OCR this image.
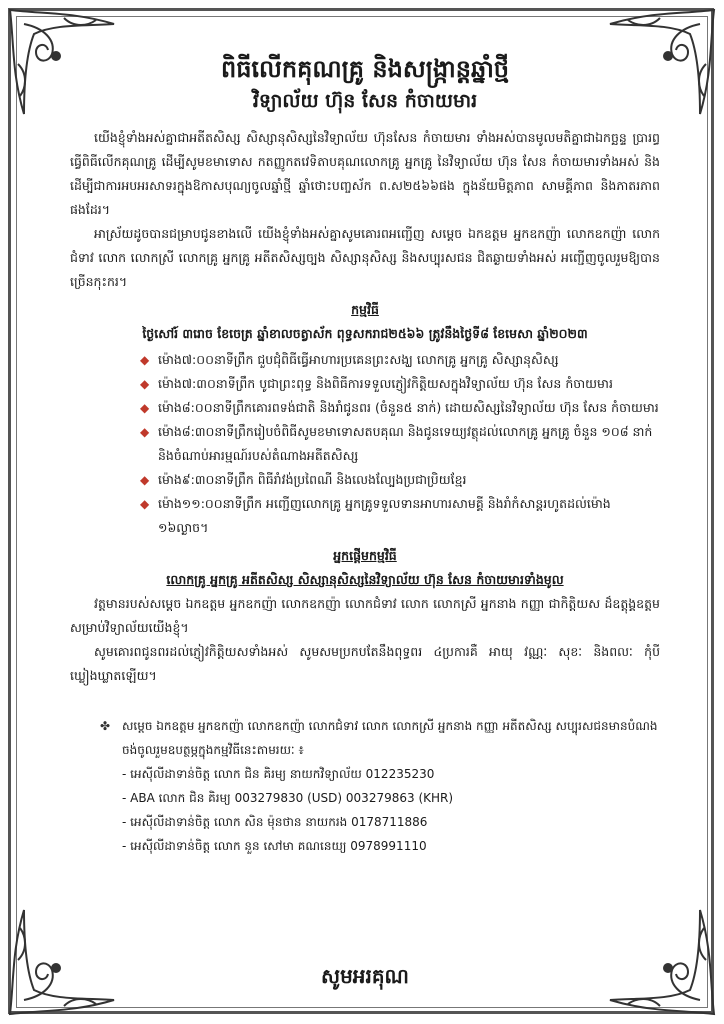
ពិធីលើកគុណគ្រូ និងសង្ក្រាន្តឆ្នាំថ្មី
វិទ្យាល័យ ហ៊ុន សែន កំចាយមារ

យើងខ្ញុំទាំងអស់គ្នាជាអតីតសិស្ស សិស្សានុសិស្សនៃវិទ្យាល័យ ហ៊ុនសែន កំចាយមារ ទាំងអស់បានមូលមតិគ្នាជាឯកច្ឆន្ទ ប្រារព្ធធ្វើពិធីលើកគុណគ្រូ ដើម្បីសូមខមាទោស កតញ្ញូកតវេទិតាបគុណលោកគ្រូ អ្នកគ្រូ នៃវិទ្យាល័យ ហ៊ុន សែន កំចាយមារទាំងអស់ និងដើម្បីជាការអបអរសាទរក្នុងឱកាសបុណ្យចូលឆ្នាំថ្មី ឆ្នាំថោះបញ្ចស័ក ព.ស២៥៦៦ផង ក្នុងន័យមិត្តភាព សាមគ្គីភាព និងភាតរភាពផងដែរ។

អាស្រ័យដូចបានជម្រាបជូនខាងលើ យើងខ្ញុំទាំងអស់គ្នាសូមគោរពអញ្ជើញ សម្ដេច ឯកឧត្តម អ្នកឧកញ៉ា លោកឧកញ៉ា លោកជំទាវ លោក លោកស្រី លោកគ្រូ អ្នកគ្រូ អតីតសិស្សច្បង សិស្សានុសិស្ស និងសប្បុរសជន ជិតឆ្ងាយទាំងអស់ អញ្ជើញចូលរួមឱ្យបានច្រើនកុះករ។

កម្មវិធី

ថ្ងៃសៅរ៍ ៣រោច ខែចេត្រ ឆ្នាំខាលចត្វាស័ក ពុទ្ធសករាជ២៥៦៦ ត្រូវនឹងថ្ងៃទី៨ ខែមេសា ឆ្នាំ២០២៣

◆ ម៉ោង៧:០០នាទីព្រឹក ជួបជុំពិធីធ្វើអាហារប្រគេនព្រះសង្ឃ លោកគ្រូ អ្នកគ្រូ សិស្សានុសិស្ស
◆ ម៉ោង៧:៣០នាទីព្រឹក បូជាព្រះពុទ្ធ និងពិធីការទទួលភ្ញៀវកិត្តិយសក្នុងវិទ្យាល័យ ហ៊ុន សែន កំចាយមារ
◆ ម៉ោង៨:០០នាទីព្រឹកគោរពទង់ជាតិ និងរាំជូនពរ (ចំនួន៥ នាក់) ដោយសិស្សនៃវិទ្យាល័យ ហ៊ុន សែន កំចាយមារ
◆ ម៉ោង៨:៣០នាទីព្រឹករៀបចំពិធីសូមខមាទោសតបគុណ និងជូនទេយ្យវត្ថុដល់លោកគ្រូ អ្នកគ្រូ ចំនួន ១០៨ នាក់ និងចំណាប់អារម្មណ៍របស់តំណាងអតីតសិស្ស
◆ ម៉ោង៩:៣០នាទីព្រឹក ពិធីរាំវង់ប្រពៃណី និងលេងល្បែងប្រជាប្រិយខ្មែរ
◆ ម៉ោង១១:០០នាទីព្រឹក អញ្ជើញលោកគ្រូ អ្នកគ្រូទទួលទានអាហារសាមគ្គី និងរាំកំសាន្តរហូតដល់ម៉ោង ១៦ល្ងាច។

អ្នកផ្ដើមកម្មវិធី

លោកគ្រូ អ្នកគ្រូ អតីតសិស្ស សិស្សានុសិស្សនៃវិទ្យាល័យ ហ៊ុន សែន កំចាយមារទាំងមូល

វត្តមានរបស់សម្ដេច ឯកឧត្តម អ្នកឧកញ៉ា លោកឧកញ៉ា លោកជំទាវ លោក លោកស្រី អ្នកនាង កញ្ញា ជាកិត្តិយស ដ៏ឧត្ដុង្គឧត្ដមសម្រាប់វិទ្យាល័យយើងខ្ញុំ។

សូមគោរពជូនពរដល់ភ្ញៀវកិត្តិយសទាំងអស់ សូមសមប្រកបតែនឹងពុទ្ធពរ ៤ប្រការគឺ អាយុ វណ្ណៈ សុខៈ និងពលៈ កុំបីឃ្លៀងឃ្លាតឡើយ។

✤ សម្ដេច ឯកឧត្តម អ្នកឧកញ៉ា លោកឧកញ៉ា លោកជំទាវ លោក លោកស្រី អ្នកនាង កញ្ញា អតីតសិស្ស សប្បុរសជនមានបំណងចង់ចូលរួមឧបត្ថម្ភក្នុងកម្មវិធីនេះតាមរយៈ ៖
- អេស៊ីលីដាទាន់ចិត្ត លោក ជិន គិរម្យ នាយកវិទ្យាល័យ 012235230
- ABA លោក ជិន គិរម្យ 003279830 (USD) 003279863 (KHR)
- អេស៊ីលីដាទាន់ចិត្ត លោក សិន ម៉ុនថាន នាយករង 0178711886
- អេស៊ីលីដាទាន់ចិត្ត លោក នួន សៅមា គណនេយ្យ 0978991110
សូមអរគុណ
